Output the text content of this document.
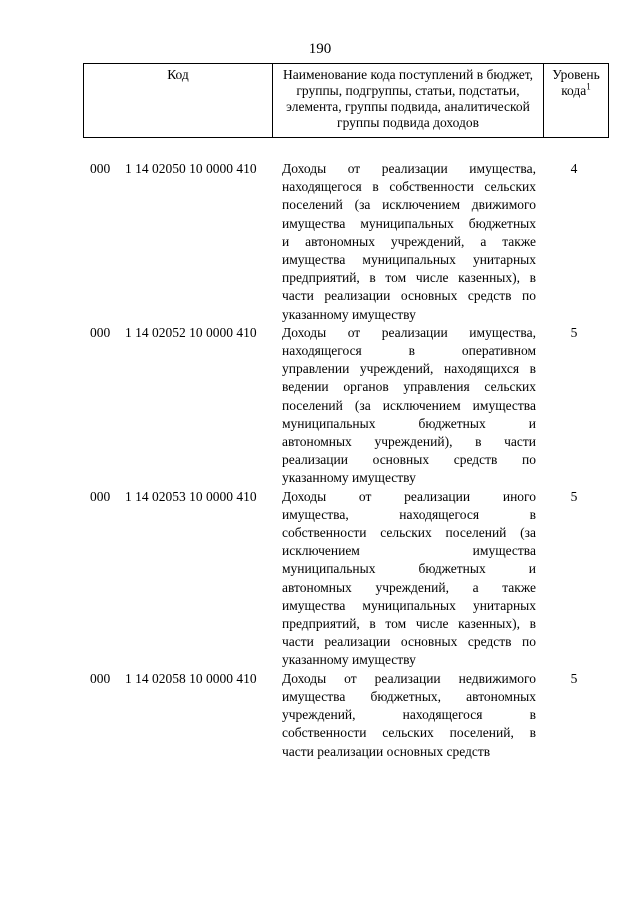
190
Код	Наименование кода поступлений в бюджет, группы, подгруппы, статьи, подстатьи, элемента, группы подвида, аналитической группы подвида доходов
Уровень кода$^1$
000 1 14 02050 10 0000 410 Доходы от реализации имущества,
находящегося в собственности сельских
поселений (за исключением движимого
имущества муниципальных бюджетных
и автономных учреждений, а также
имущества муниципальных унитарных
предприятий, в том числе казенных), в
части реализации основных средств по
указанному имуществу
4
000 1 14 02052 10 0000 410 Доходы от реализации имущества,
находящегося в оперативном
управлении учреждений, находящихся в
ведении органов управления сельских
поселений (за исключением имущества
муниципальных бюджетных и
автономных учреждений), в части
реализации основных средств по
указанному имуществу
5
000 1 14 02053 10 0000 410 Доходы от реализации иного
имущества, находящегося в
собственности сельских поселений (за
исключением имущества
муниципальных бюджетных и
автономных учреждений, а также
имущества муниципальных унитарных
предприятий, в том числе казенных), в
части реализации основных средств по
указанному имуществу
5
000 1 14 02058 10 0000 410 Доходы от реализации недвижимого
имущества бюджетных, автономных
учреждений, находящегося в
собственности сельских поселений, в
части реализации основных средств
5
